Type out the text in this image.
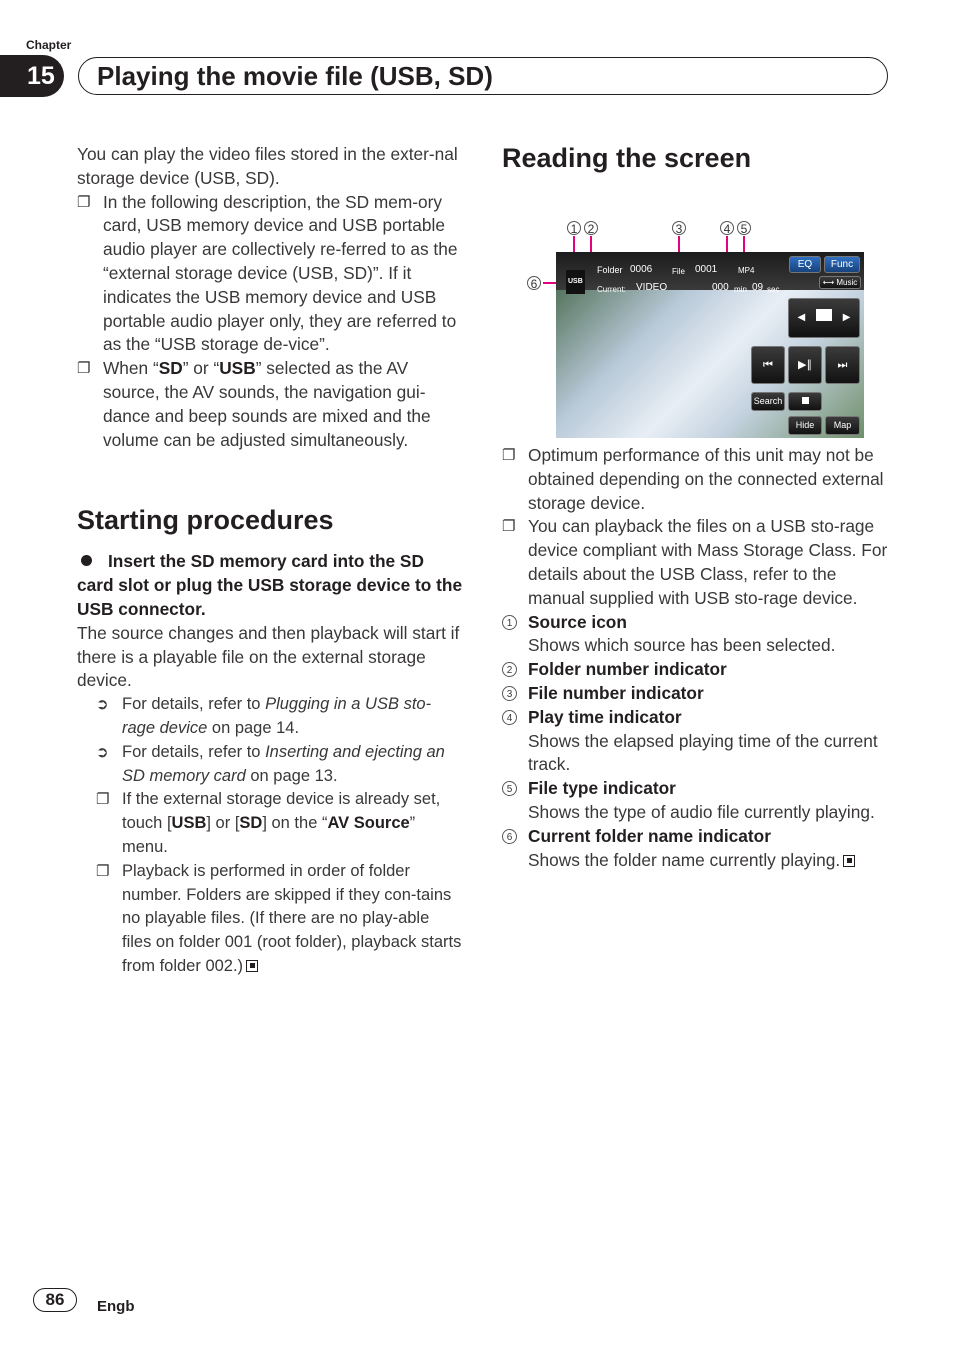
Chapter
15	Playing the movie file (USB, SD)

You can play the video files stored in the exter-nal storage device (USB, SD).

❐ In the following description, the SD mem-ory card, USB memory device and USB portable audio player are collectively re-ferred to as the “external storage device (USB, SD)”. If it indicates the USB memory device and USB portable audio player only, they are referred to as the “USB storage de-vice”.
❐ When “SD” or “USB” selected as the AV source, the AV sounds, the navigation gui-dance and beep sounds are mixed and the volume can be adjusted simultaneously.
Starting procedures
Insert the SD memory card into the SD card slot or plug the USB storage device to the USB connector.

The source changes and then playback will start if there is a playable file on the external storage device.

➲ For details, refer to Plugging in a USB sto-rage device on page 14.
➲ For details, refer to Inserting and ejecting an SD memory card on page 13.
❐ If the external storage device is already set, touch [USB] or [SD] on the “AV Source” menu.
❐ Playback is performed in order of folder number. Folders are skipped if they con-tains no playable files. (If there are no play-able files on folder 001 (root folder), playback starts from folder 002.)
Reading the screen
1 2	3	4 5
6	USB
Folder 0006 File 0001	MP4
Current: VIDEO	000 min 09 sec
EQ	Func
⟷ Music
◀	▶
⏮	▶∥	⏭
Search
Hide	Map
❐ Optimum performance of this unit may not be obtained depending on the connected external storage device.
❐ You can playback the files on a USB sto-rage device compliant with Mass Storage Class. For details about the USB Class, refer to the manual supplied with USB sto-rage device.
1 Source icon
Shows which source has been selected.
2 Folder number indicator
3 File number indicator
4 Play time indicator
Shows the elapsed playing time of the current track.
5 File type indicator
Shows the type of audio file currently playing.
6 Current folder name indicator
Shows the folder name currently playing.
86	Engb
